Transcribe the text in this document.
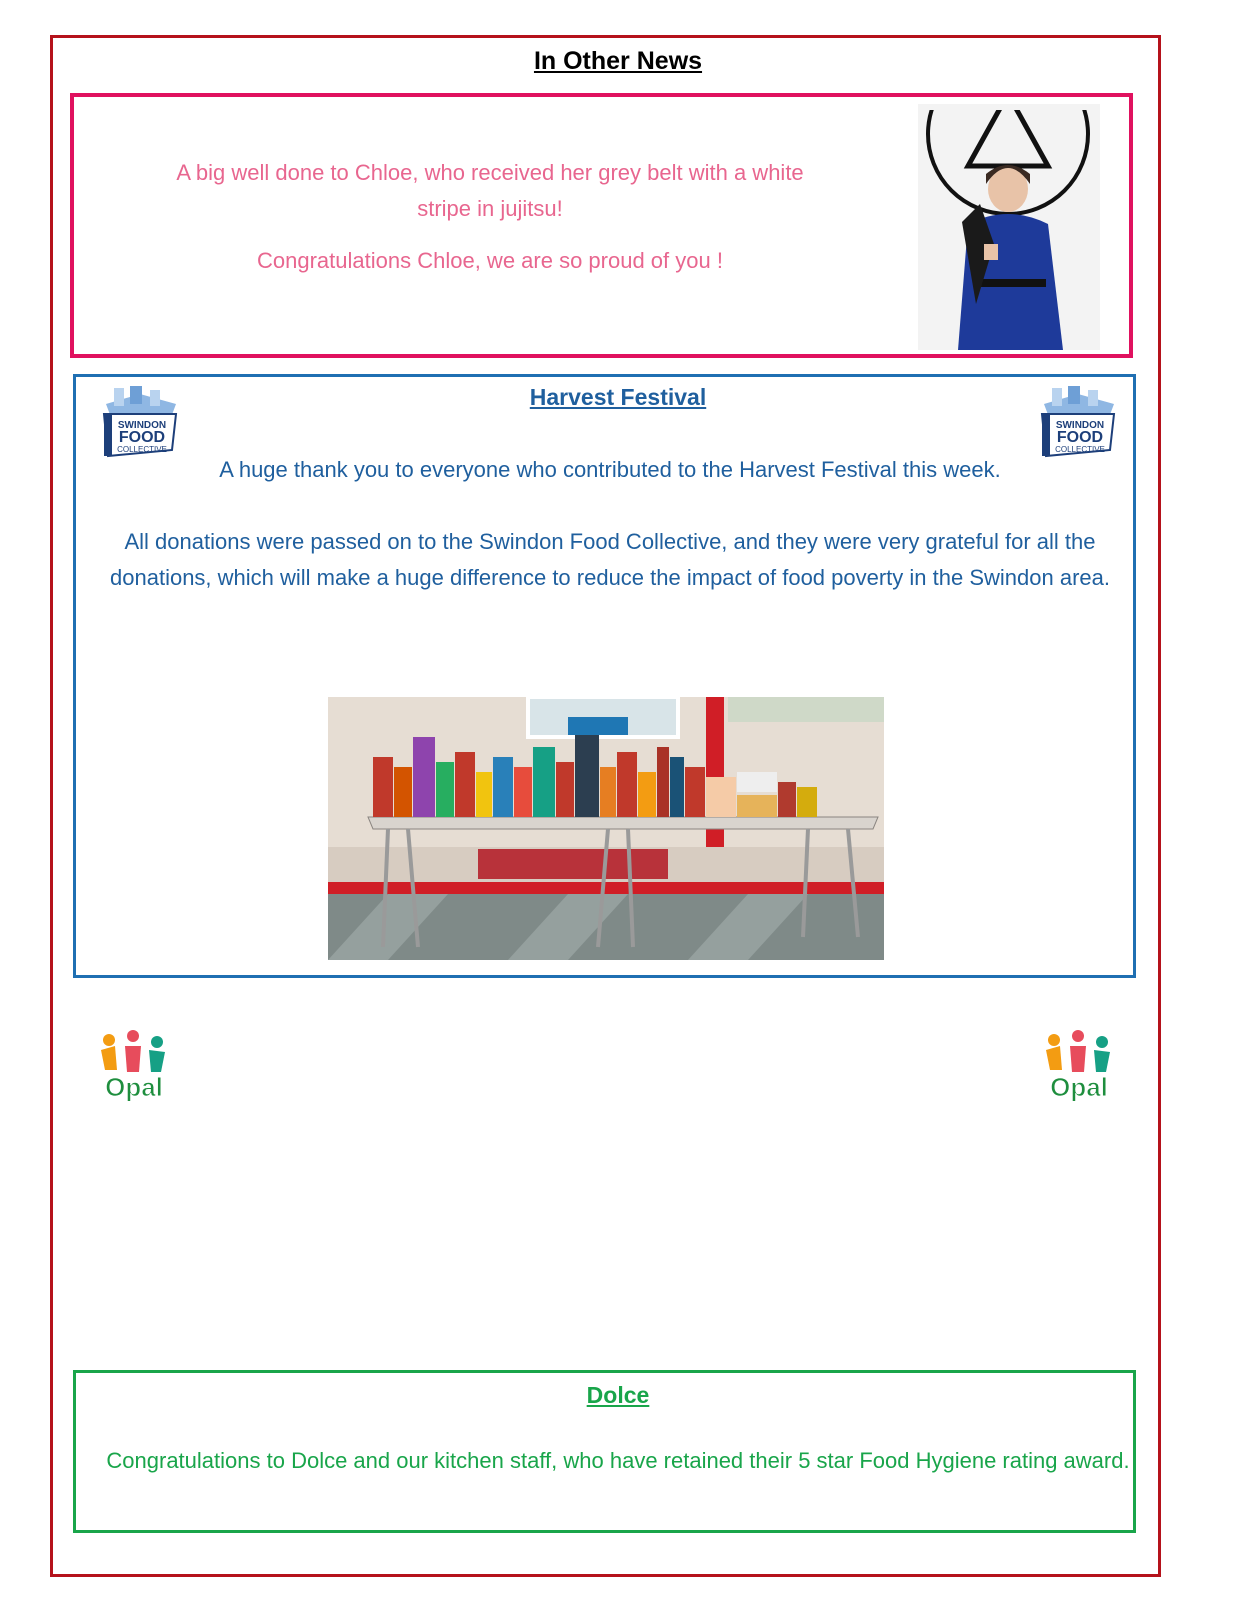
In Other News
A big well done to Chloe, who received her grey belt with a white stripe in jujitsu!
Congratulations Chloe, we are so proud of you !
Harvest Festival
SWINDON
FOOD
COLLECTIVE
SWINDON
FOOD
COLLECTIVE
A huge thank you to everyone who contributed to the Harvest Festival this week.
All donations were passed on to the Swindon Food Collective, and they were very grateful for all the donations, which will make a huge difference to reduce the impact of food poverty in the Swindon area.
Opal	Opal
Dolce
Congratulations to Dolce and our kitchen staff, who have retained their 5 star Food Hygiene rating award.
